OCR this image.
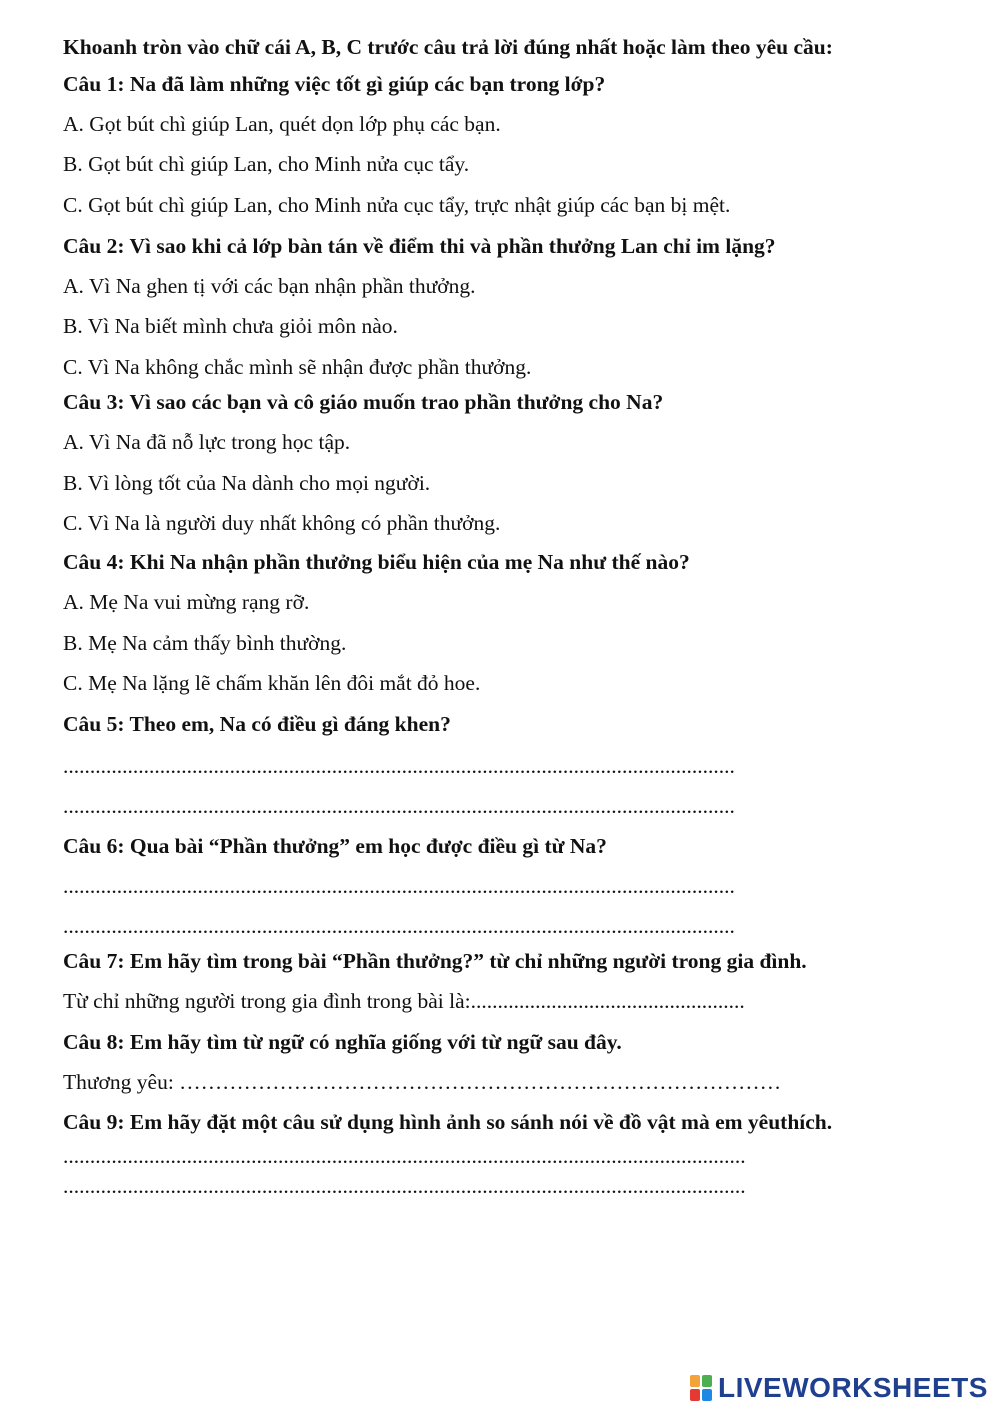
Khoanh tròn vào chữ cái A, B, C trước câu trả lời đúng nhất hoặc làm theo yêu cầu:
Câu 1: Na đã làm những việc tốt gì giúp các bạn trong lớp?
A. Gọt bút chì giúp Lan, quét dọn lớp phụ các bạn.
B. Gọt bút chì giúp Lan, cho Minh nửa cục tẩy.
C. Gọt bút chì giúp Lan, cho Minh nửa cục tẩy, trực nhật giúp các bạn bị mệt.
Câu 2: Vì sao khi cả lớp bàn tán về điểm thi và phần thưởng Lan chỉ im lặng?
A. Vì Na ghen tị với các bạn nhận phần thưởng.
B. Vì Na biết mình chưa giỏi môn nào.
C. Vì Na không chắc mình sẽ nhận được phần thưởng.
Câu 3: Vì sao các bạn và cô giáo muốn trao phần thưởng cho Na?
A. Vì Na đã nỗ lực trong học tập.
B. Vì lòng tốt của Na dành cho mọi người.
C. Vì Na là người duy nhất không có phần thưởng.
Câu 4: Khi Na nhận phần thưởng biểu hiện của mẹ Na như thế nào?
A. Mẹ Na vui mừng rạng rỡ.
B. Mẹ Na cảm thấy bình thường.
C. Mẹ Na lặng lẽ chấm khăn lên đôi mắt đỏ hoe.
Câu 5: Theo em, Na có điều gì đáng khen?
.............................................................................................................................
.............................................................................................................................
Câu 6: Qua bài “Phần thưởng” em học được điều gì từ Na?
.............................................................................................................................
.............................................................................................................................
Câu 7: Em hãy tìm trong bài “Phần thưởng?” từ chỉ những người trong gia đình.
Từ chỉ những người trong gia đình trong bài là:...................................................
Câu 8: Em hãy tìm từ ngữ có nghĩa giống với từ ngữ sau đây.
Thương yêu: …………………………………………………………………………
Câu 9: Em hãy đặt một câu sử dụng hình ảnh so sánh nói về đồ vật mà em yêuthích.
...............................................................................................................................
...............................................................................................................................
LIVEWORKSHEETS
